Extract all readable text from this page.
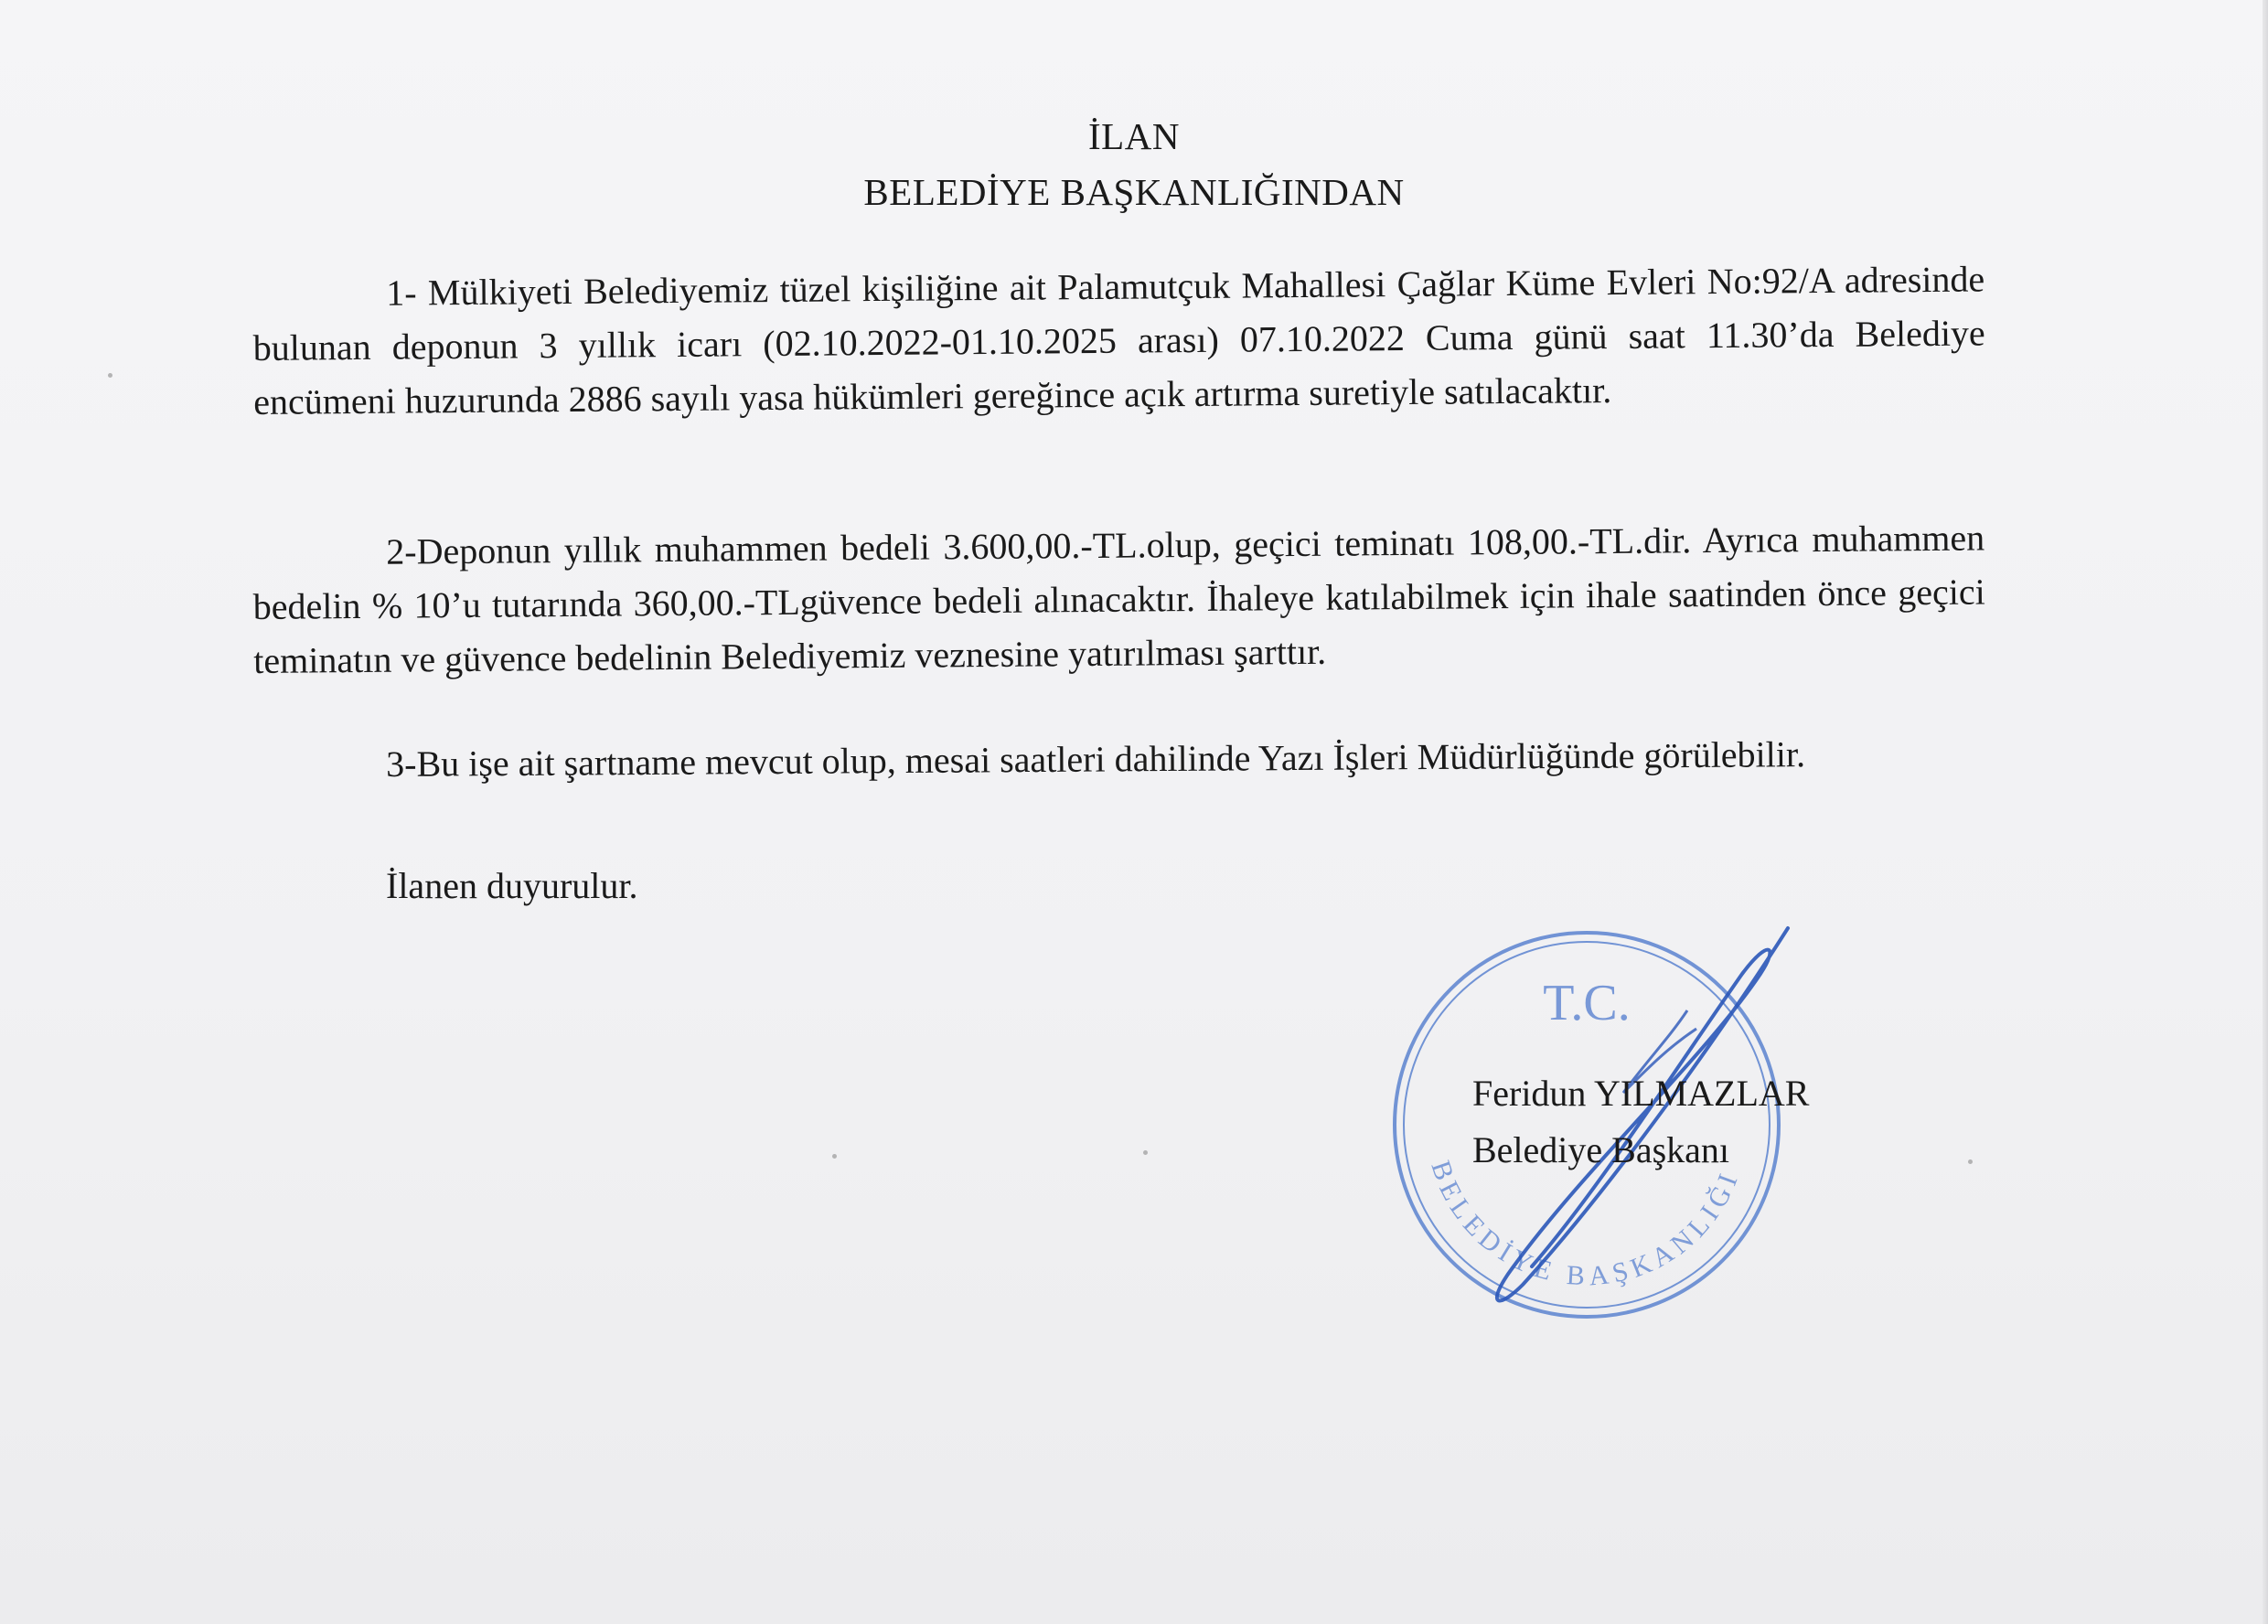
İLAN
BELEDİYE BAŞKANLIĞINDAN

1- Mülkiyeti Belediyemiz tüzel kişiliğine ait Palamutçuk Mahallesi Çağlar Küme Evleri No:92/A adresinde bulunan deponun 3 yıllık icarı (02.10.2022-01.10.2025 arası) 07.10.2022 Cuma günü saat 11.30’da Belediye encümeni huzurunda 2886 sayılı yasa hükümleri gereğince açık artırma suretiyle satılacaktır.

2-Deponun yıllık muhammen bedeli 3.600,00.-TL.olup, geçici teminatı 108,00.-TL.dir. Ayrıca muhammen bedelin % 10’u tutarında 360,00.-TLgüvence bedeli alınacaktır. İhaleye katılabilmek için ihale saatinden önce geçici teminatın ve güvence bedelinin Belediyemiz veznesine yatırılması şarttır.

3-Bu işe ait şartname mevcut olup, mesai saatleri dahilinde Yazı İşleri Müdürlüğünde görülebilir.

İlanen duyurulur.
T.C.
BELEDİYE BAŞKANLIĞI
Feridun YILMAZLAR
Belediye Başkanı
